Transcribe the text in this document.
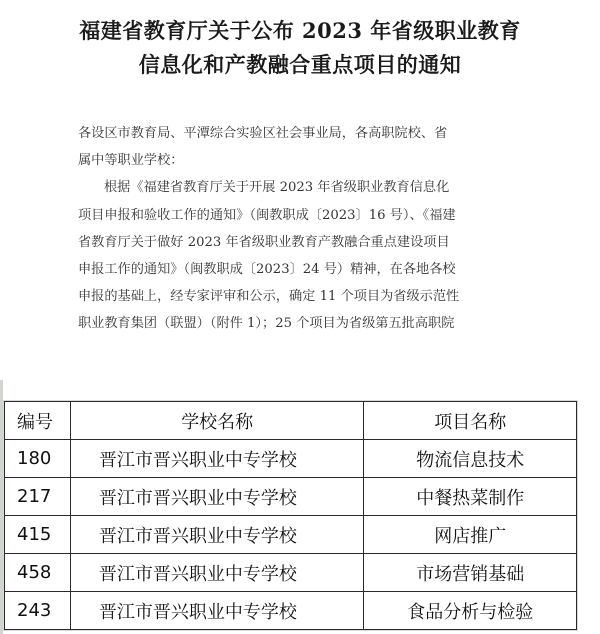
福建省教育厅关于公布 2023 年省级职业教育
信息化和产教融合重点项目的通知
各设区市教育局、平潭综合实验区社会事业局，各高职院校、省
属中等职业学校：
根据《福建省教育厅关于开展 2023 年省级职业教育信息化
项目申报和验收工作的通知》（闽教职成〔2023〕16 号）、《福建
省教育厅关于做好 2023 年省级职业教育产教融合重点建设项目
申报工作的通知》（闽教职成〔2023〕24 号）精神，在各地各校
申报的基础上，经专家评审和公示，确定 11 个项目为省级示范性
职业教育集团（联盟）（附件 1）；25 个项目为省级第五批高职院
编号	学校名称	项目名称
180	晋江市晋兴职业中专学校	物流信息技术
217	晋江市晋兴职业中专学校	中餐热菜制作
415	晋江市晋兴职业中专学校	网店推广
458	晋江市晋兴职业中专学校	市场营销基础
243	晋江市晋兴职业中专学校	食品分析与检验
